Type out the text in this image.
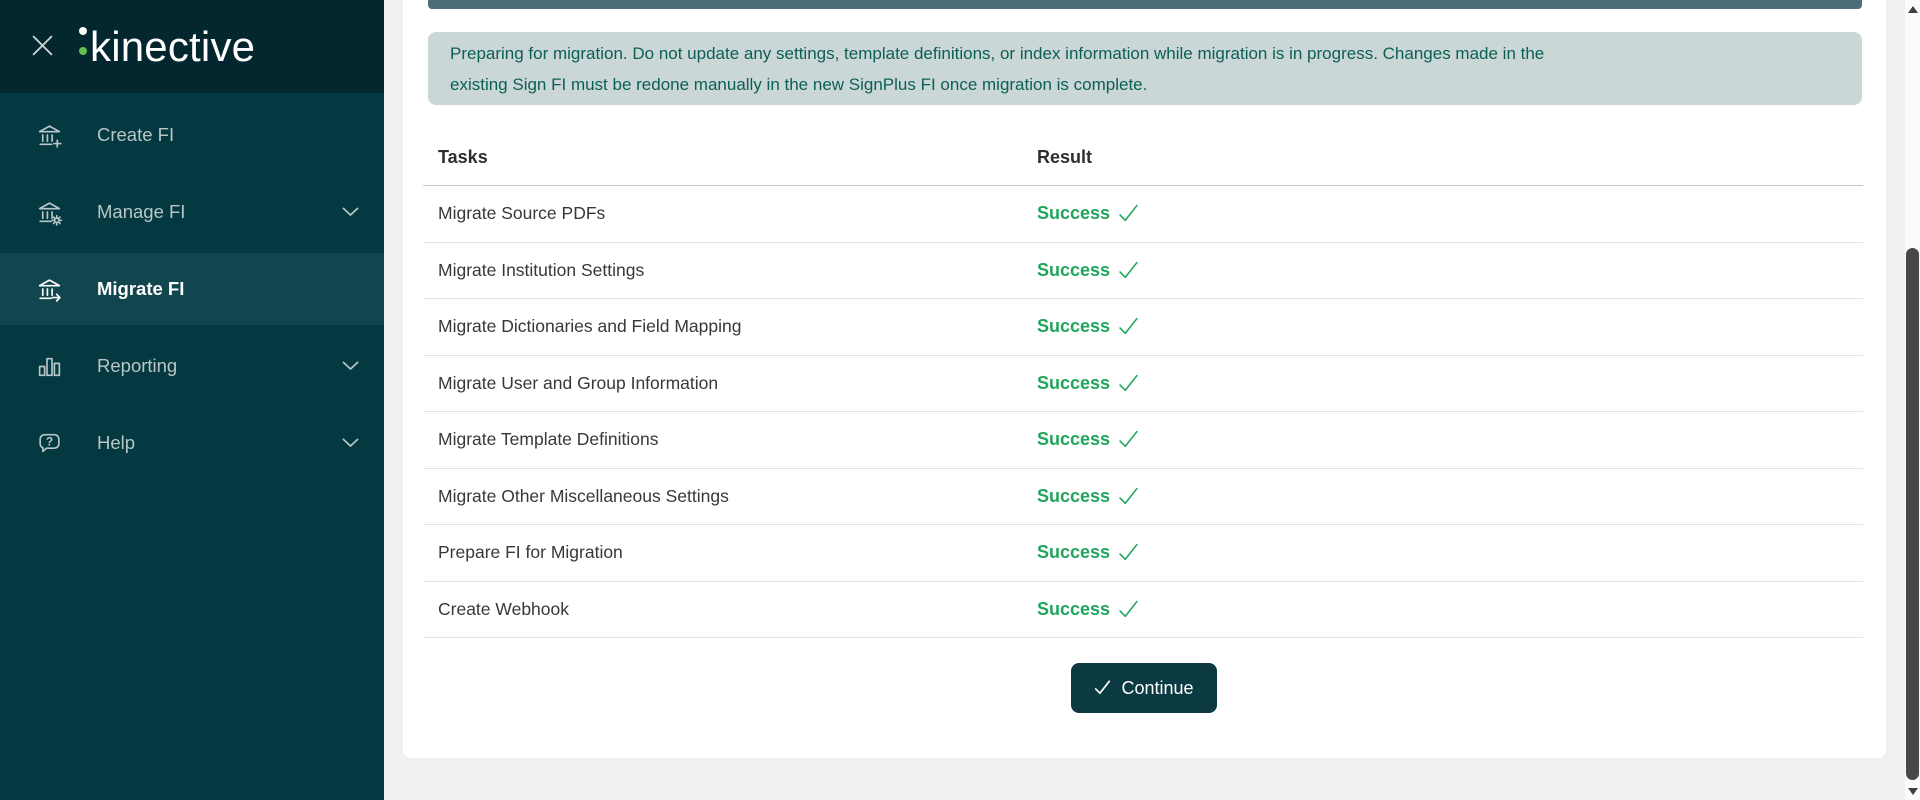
kinective
Create FI
Manage FI
Migrate FI
Reporting
? Help
Preparing for migration. Do not update any settings, template definitions, or index information while migration is in progress. Changes made in the
existing Sign FI must be redone manually in the new SignPlus FI once migration is complete.
Tasks	Result
Migrate Source PDFs	Success
Migrate Institution Settings	Success
Migrate Dictionaries and Field Mapping	Success
Migrate User and Group Information	Success
Migrate Template Definitions	Success
Migrate Other Miscellaneous Settings	Success
Prepare FI for Migration	Success
Create Webhook	Success
Continue
